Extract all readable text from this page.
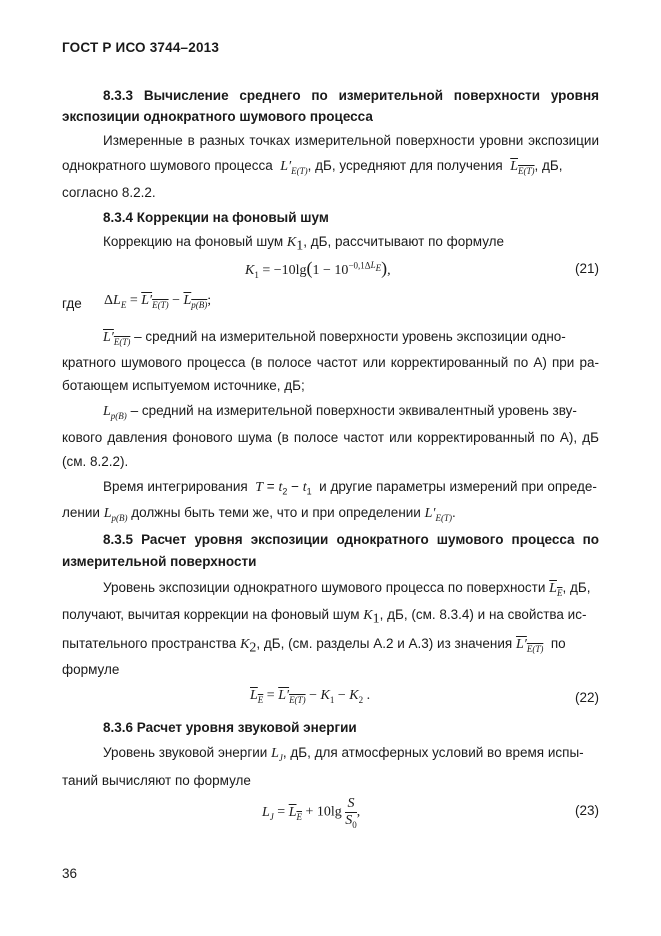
ГОСТ Р ИСО 3744–2013
8.3.3 Вычисление среднего по измерительной поверхности уровня
экспозиции однократного шумового процесса
Измеренные в разных точках измерительной поверхности уровни экспозиции
однократного шумового процесса $L'_{E(T)}$, дБ, усредняют для получения $L_{E(T)}$, дБ,
согласно 8.2.2.
8.3.4 Коррекции на фоновый шум
Коррекцию на фоновый шум $K_1$, дБ, рассчитывают по формуле
$K_1 = -10\lg(1 - 10^{-0,1\Delta L_E})$,	(21)
где $\Delta L_E = L'_{E(T)} - L_{p(B)}$;
$L'_{E(T)}$ – средний на измерительной поверхности уровень экспозиции одно-
кратного шумового процесса (в полосе частот или корректированный по А) при ра-
ботающем испытуемом источнике, дБ;
$L_{p(B)}$ – средний на измерительной поверхности эквивалентный уровень зву-
кового давления фонового шума (в полосе частот или корректированный по А), дБ
(см. 8.2.2).
Время интегрирования $T = t_2 - t_1$ и другие параметры измерений при опреде-
лении $L_{p(B)}$ должны быть теми же, что и при определении $L'_{E(T)}$.
8.3.5 Расчет уровня экспозиции однократного шумового процесса по
измерительной поверхности
Уровень экспозиции однократного шумового процесса по поверхности $L_E$, дБ,
получают, вычитая коррекции на фоновый шум $K_1$, дБ, (см. 8.3.4) и на свойства ис-
пытательного пространства $K_2$, дБ, (см. разделы А.2 и А.3) из значения $L'_{E(T)}$ по
формуле
$L_E = L'_{E(T)} - K_1 - K_2$ .	(22)
8.3.6 Расчет уровня звуковой энергии
Уровень звуковой энергии $L_J$, дБ, для атмосферных условий во время испы-
таний вычисляют по формуле
$L_J = L_E + 10\lg \frac{S}{S_0}$ ,	(23)
36
